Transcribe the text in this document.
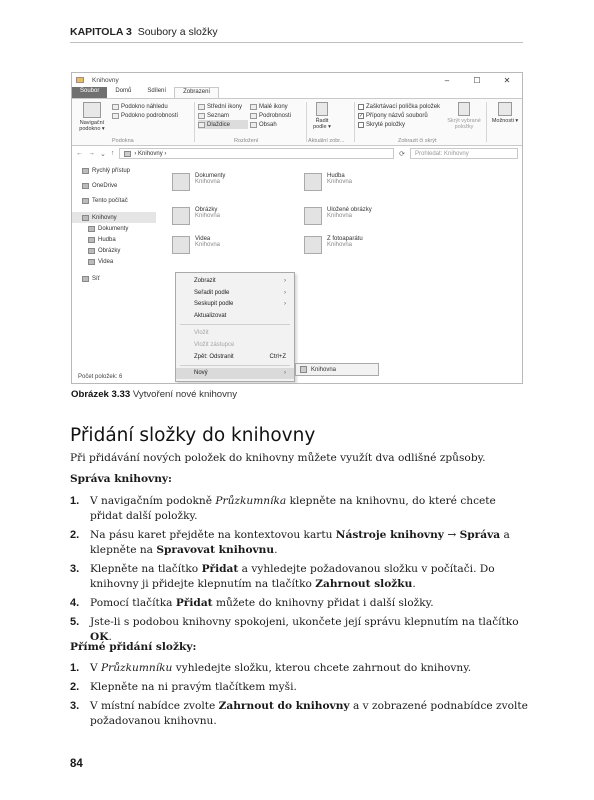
KAPITOLA 3 Soubory a složky
Knihovny	–	☐	✕
Soubor	Domů	Sdílení	Zobrazení
Navigační podokno ▾
Podokno náhledu
Podokno podrobností
Podokna
Střední ikony	Malé ikony
Seznam	Podrobnosti
Dlaždice	Obsah
Rozložení
Řadit podle ▾
Aktuální zobr...
Zaškrtávací políčka položek
✓ Přípony názvů souborů
Skryté položky
Skrýt vybrané položky
Zobrazit či skrýt
Možnosti ▾
← → ⌄ ↑	› Knihovny ›	⟳ Prohledat: Knihovny
Rychlý přístup
OneDrive
Tento počítač
Knihovny
Dokumenty
Hudba
Obrázky
Videa
Síť
Dokumenty
Knihovna
Hudba
Knihovna
Obrázky
Knihovna
Uložené obrázky
Knihovna
Videa
Knihovna
Z fotoaparátu
Knihovna
Zobrazit	›
Seřadit podle	›
Seskupit podle	›
Aktualizovat
Vložit
Vložit zástupce
Zpět: Odstranit	Ctrl+Z
Nový	›
Knihovna
Počet položek: 6
Obrázek 3.33 Vytvoření nové knihovny
Přidání složky do knihovny
Při přidávání nových položek do knihovny můžete využít dva odlišné způsoby.
Správa knihovny:
1. V navigačním podokně Průzkumníka klepněte na knihovnu, do které chcete přidat další položky.
2. Na pásu karet přejděte na kontextovou kartu Nástroje knihovny → Správa a klepněte na Spravovat knihovnu.
3. Klepněte na tlačítko Přidat a vyhledejte požadovanou složku v počítači. Do knihovny ji přidejte klepnutím na tlačítko Zahrnout složku.
4. Pomocí tlačítka Přidat můžete do knihovny přidat i další složky.
5. Jste-li s podobou knihovny spokojeni, ukončete její správu klepnutím na tlačítko OK.
Přímé přidání složky:
1. V Průzkumníku vyhledejte složku, kterou chcete zahrnout do knihovny.
2. Klepněte na ni pravým tlačítkem myši.
3. V místní nabídce zvolte Zahrnout do knihovny a v zobrazené podnabídce zvolte požadovanou knihovnu.
84
